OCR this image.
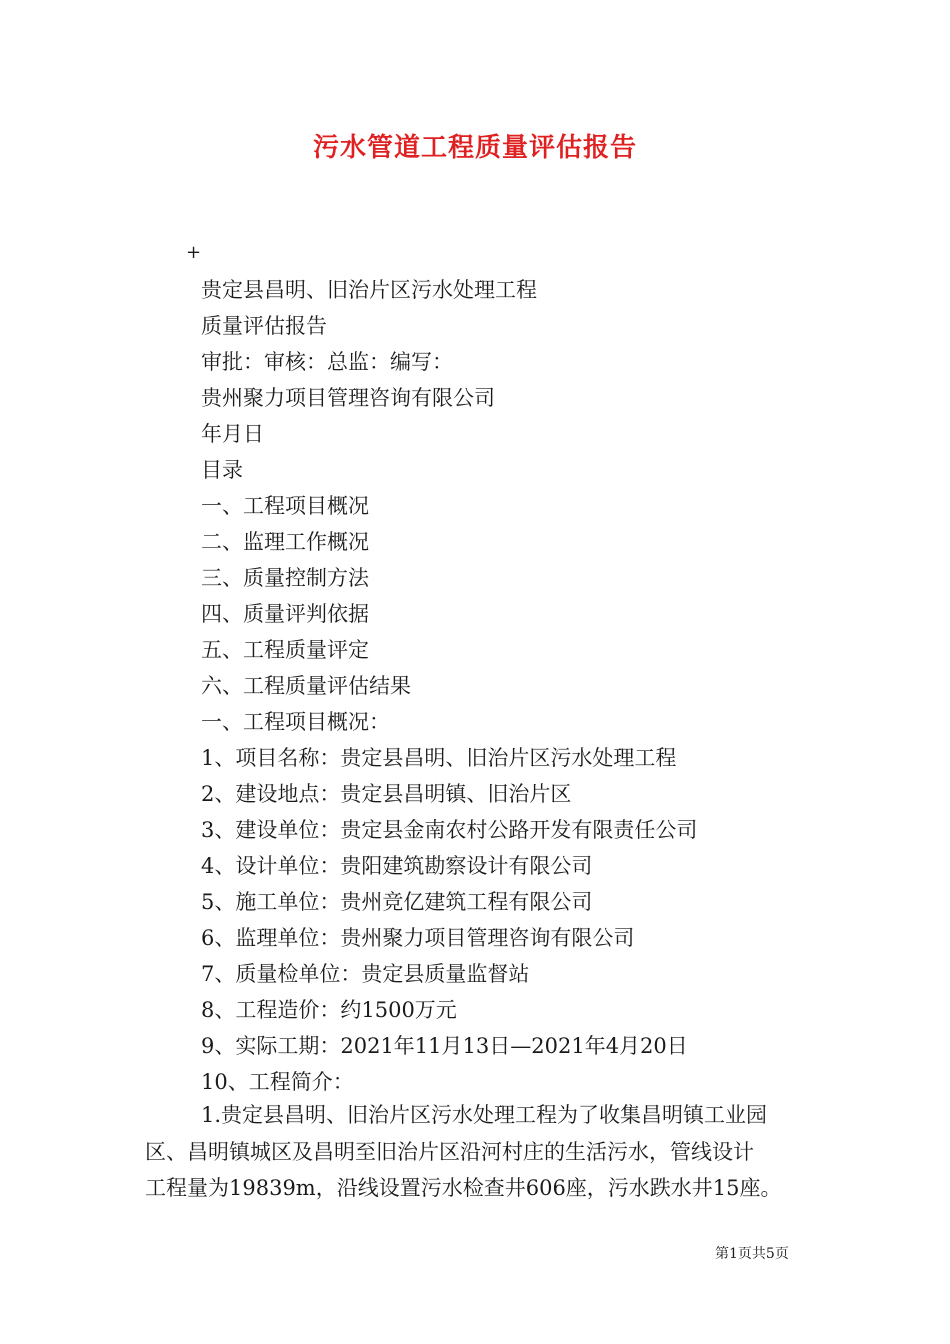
污水管道工程质量评估报告
+
贵定县昌明、旧治片区污水处理工程
质量评估报告
审批：审核：总监：编写：
贵州聚力项目管理咨询有限公司
年月日
目录
一、工程项目概况
二、监理工作概况
三、质量控制方法
四、质量评判依据
五、工程质量评定
六、工程质量评估结果
一、工程项目概况：
1、项目名称：贵定县昌明、旧治片区污水处理工程
2、建设地点：贵定县昌明镇、旧治片区
3、建设单位：贵定县金南农村公路开发有限责任公司
4、设计单位：贵阳建筑勘察设计有限公司
5、施工单位：贵州竞亿建筑工程有限公司
6、监理单位：贵州聚力项目管理咨询有限公司
7、质量检单位：贵定县质量监督站
8、工程造价：约1500万元
9、实际工期：2021年11月13日—2021年4月20日
10、工程简介：
1.贵定县昌明、旧治片区污水处理工程为了收集昌明镇工业园
区、昌明镇城区及昌明至旧治片区沿河村庄的生活污水，管线设计
工程量为19839m，沿线设置污水检查井606座，污水跌水井15座。
第1页共5页
